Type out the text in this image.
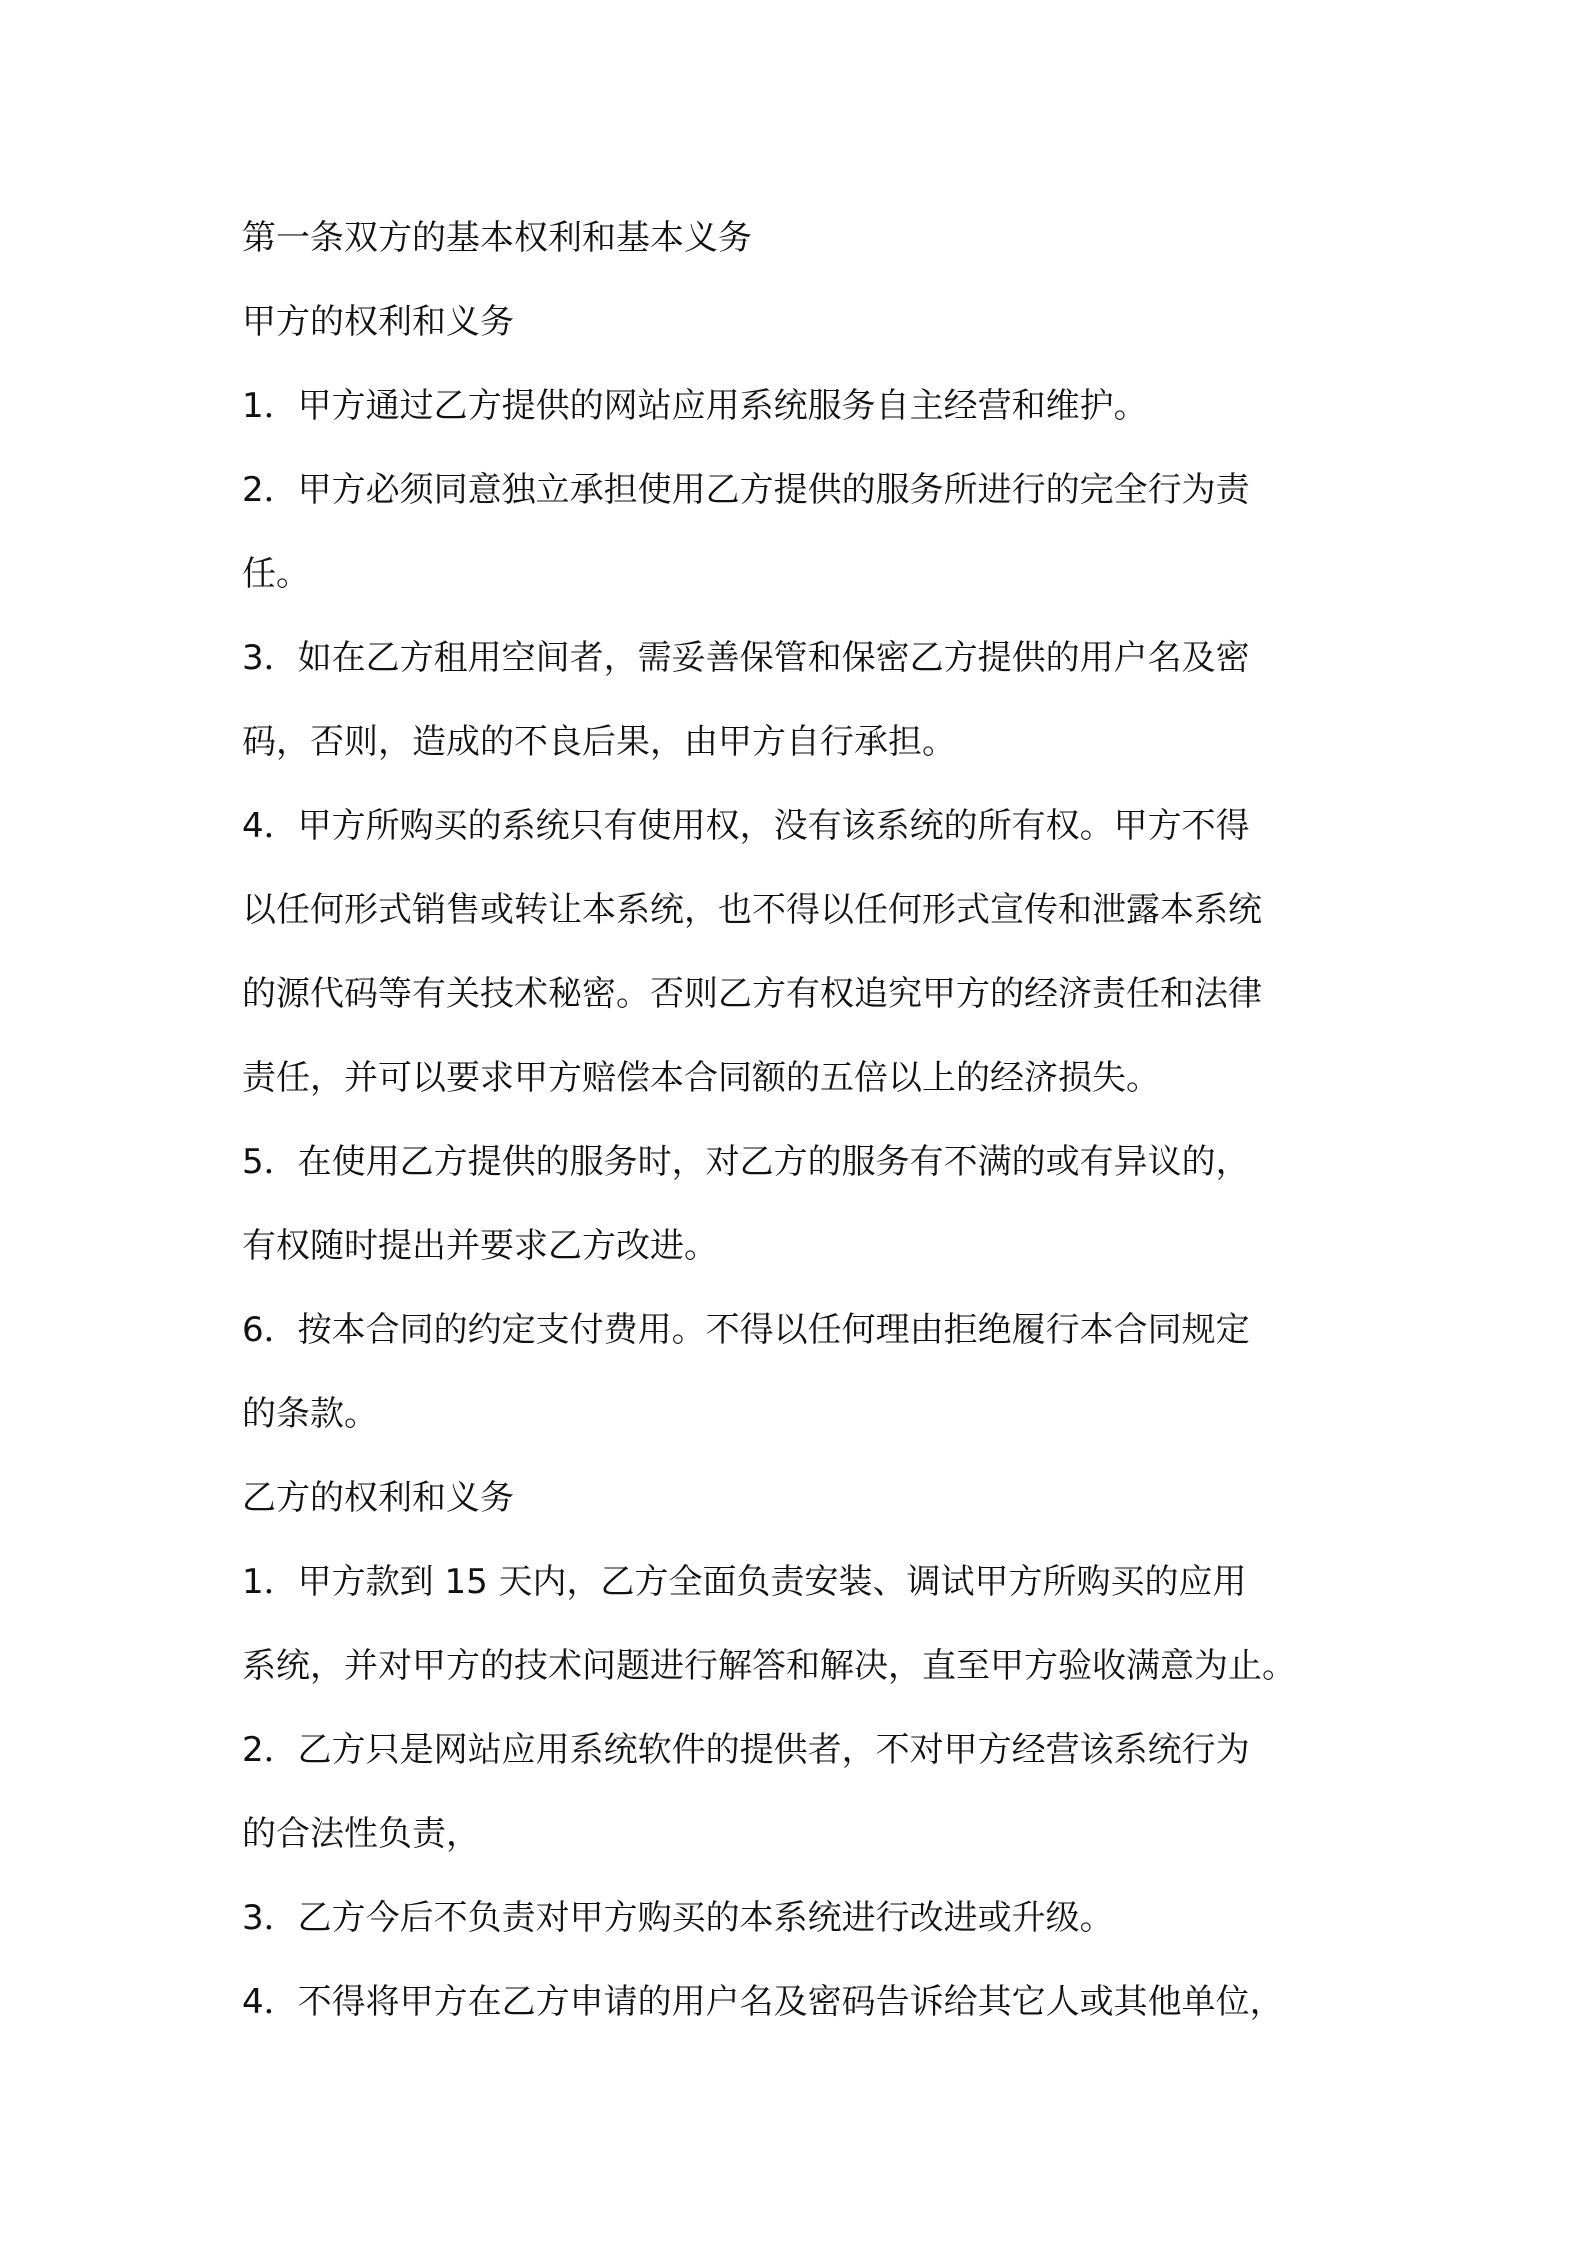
第一条双方的基本权利和基本义务
甲方的权利和义务
1．甲方通过乙方提供的网站应用系统服务自主经营和维护。
2．甲方必须同意独立承担使用乙方提供的服务所进行的完全行为责
任。
3．如在乙方租用空间者，需妥善保管和保密乙方提供的用户名及密
码，否则，造成的不良后果，由甲方自行承担。
4．甲方所购买的系统只有使用权，没有该系统的所有权。甲方不得
以任何形式销售或转让本系统，也不得以任何形式宣传和泄露本系统
的源代码等有关技术秘密。否则乙方有权追究甲方的经济责任和法律
责任，并可以要求甲方赔偿本合同额的五倍以上的经济损失。
5．在使用乙方提供的服务时，对乙方的服务有不满的或有异议的，
有权随时提出并要求乙方改进。
6．按本合同的约定支付费用。不得以任何理由拒绝履行本合同规定
的条款。
乙方的权利和义务
1．甲方款到 15 天内，乙方全面负责安装、调试甲方所购买的应用
系统，并对甲方的技术问题进行解答和解决，直至甲方验收满意为止。
2．乙方只是网站应用系统软件的提供者，不对甲方经营该系统行为
的合法性负责，
3．乙方今后不负责对甲方购买的本系统进行改进或升级。
4．不得将甲方在乙方申请的用户名及密码告诉给其它人或其他单位，
